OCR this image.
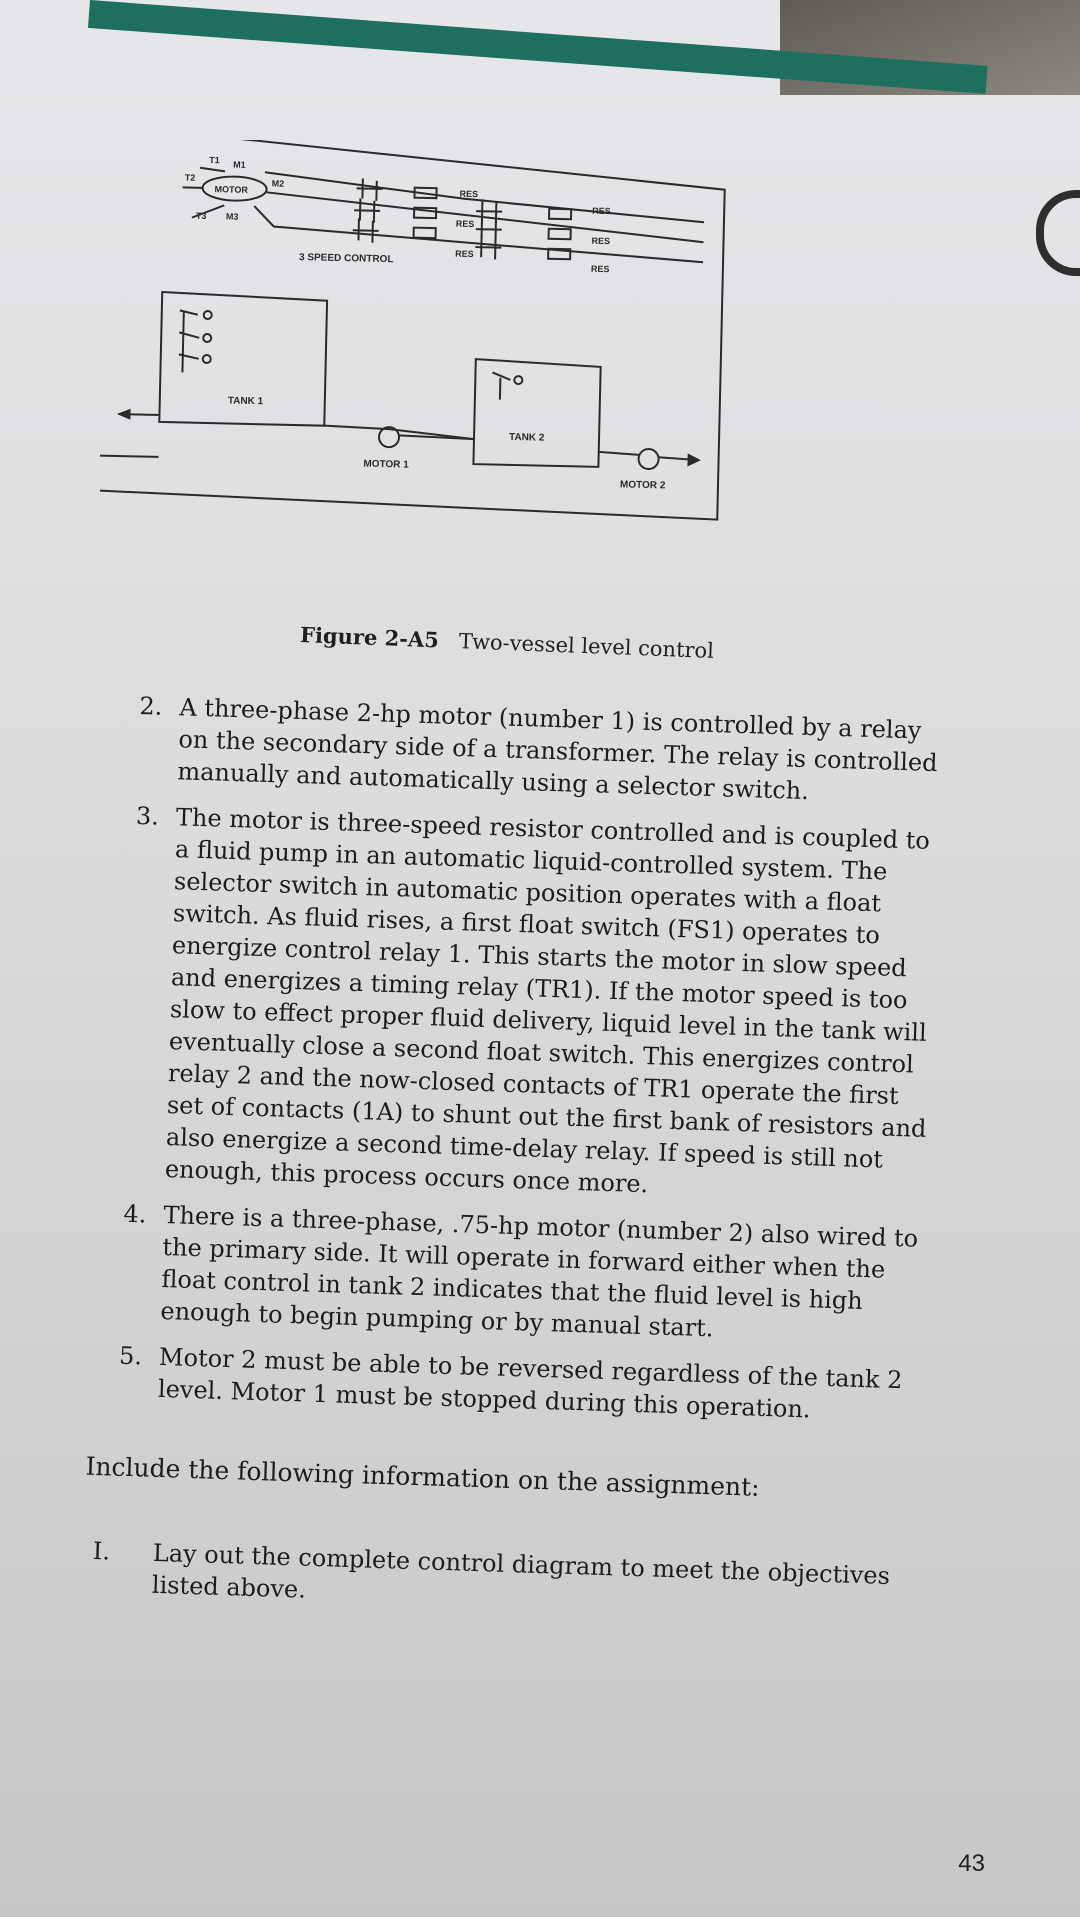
T1 M1
T2
MOTOR
M2
T3 M3
3 SPEED CONTROL
RES
RES
RES
RES
RES
RES
TANK 1
TANK 2
MOTOR 1
MOTOR 2
Figure 2-A5 Two-vessel level control
2. A three-phase 2-hp motor (number 1) is controlled by a relay on the secondary side of a transformer. The relay is controlled manually and automatically using a selector switch.
3. The motor is three-speed resistor controlled and is coupled to a fluid pump in an automatic liquid-controlled system. The selector switch in automatic position operates with a float switch. As fluid rises, a first float switch (FS1) operates to energize control relay 1. This starts the motor in slow speed and energizes a timing relay (TR1). If the motor speed is too slow to effect proper fluid delivery, liquid level in the tank will eventually close a second float switch. This energizes control relay 2 and the now-closed contacts of TR1 operate the first set of contacts (1A) to shunt out the first bank of resistors and also energize a second time-delay relay. If speed is still not enough, this process occurs once more.
4. There is a three-phase, .75-hp motor (number 2) also wired to the primary side. It will operate in forward either when the float control in tank 2 indicates that the fluid level is high enough to begin pumping or by manual start.
5. Motor 2 must be able to be reversed regardless of the tank 2 level. Motor 1 must be stopped during this operation.
Include the following information on the assignment:
I. Lay out the complete control diagram to meet the objectives listed above.
43
